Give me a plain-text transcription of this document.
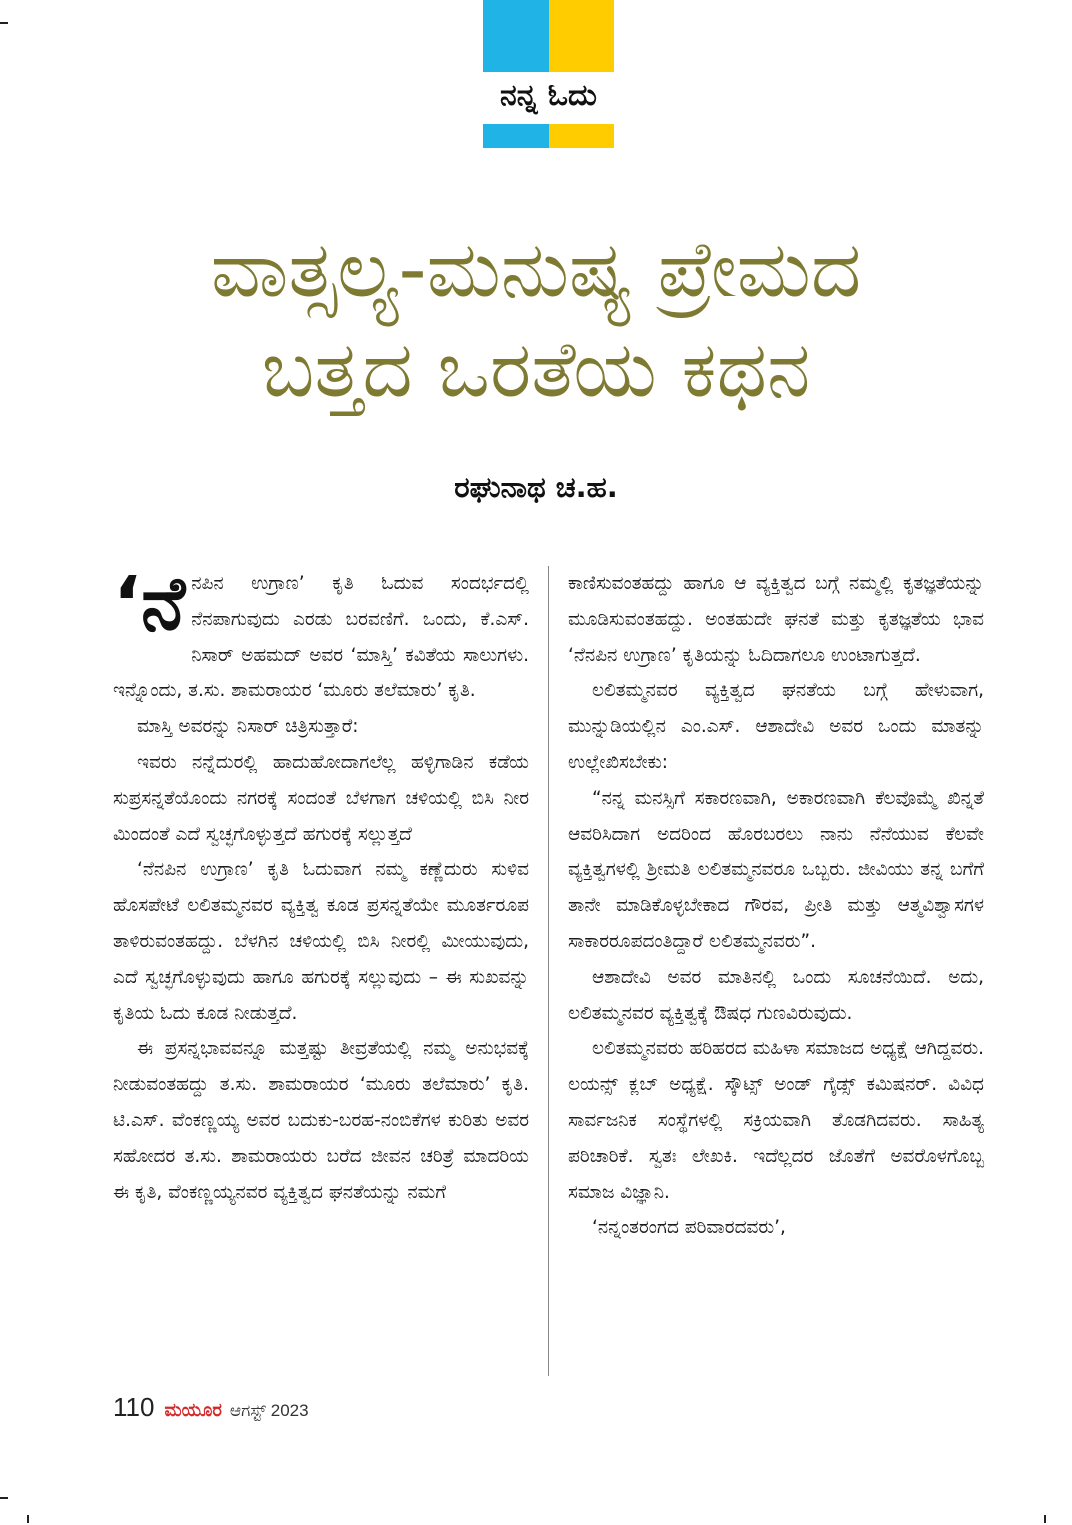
ನನ್ನ ಓದು
ವಾತ್ಸಲ್ಯ-ಮನುಷ್ಯ ಪ್ರೇಮದ
ಬತ್ತದ ಒರತೆಯ ಕಥನ
ರಘುನಾಥ ಚ.ಹ.

‘ನೆನಪಿನ ಉಗ್ರಾಣ’ ಕೃತಿ ಓದುವ ಸಂದರ್ಭದಲ್ಲಿ ನೆನಪಾಗುವುದು ಎರಡು ಬರವಣಿಗೆ. ಒಂದು, ಕೆ.ಎಸ್. ನಿಸಾರ್ ಅಹಮದ್ ಅವರ ‘ಮಾಸ್ತಿ’ ಕವಿತೆಯ ಸಾಲುಗಳು. ಇನ್ನೊಂದು, ತ.ಸು. ಶಾಮರಾಯರ ‘ಮೂರು ತಲೆಮಾರು’ ಕೃತಿ.

ಮಾಸ್ತಿ ಅವರನ್ನು ನಿಸಾರ್ ಚಿತ್ರಿಸುತ್ತಾರೆ:

ಇವರು ನನ್ನೆದುರಲ್ಲಿ ಹಾದುಹೋದಾಗಲೆಲ್ಲ ಹಳ್ಳಿಗಾಡಿನ ಕಡೆಯ ಸುಪ್ರಸನ್ನತೆಯೊಂದು ನಗರಕ್ಕೆ ಸಂದಂತೆ ಬೆಳಗಾಗ ಚಳಿಯಲ್ಲಿ ಬಿಸಿ ನೀರ ಮಿಂದಂತೆ ಎದೆ ಸ್ವಚ್ಛಗೊಳ್ಳುತ್ತದೆ ಹಗುರಕ್ಕೆ ಸಲ್ಲುತ್ತದೆ

‘ನೆನಪಿನ ಉಗ್ರಾಣ’ ಕೃತಿ ಓದುವಾಗ ನಮ್ಮ ಕಣ್ಣೆದುರು ಸುಳಿವ ಹೊಸಪೇಟೆ ಲಲಿತಮ್ಮನವರ ವ್ಯಕ್ತಿತ್ವ ಕೂಡ ಪ್ರಸನ್ನತೆಯೇ ಮೂರ್ತರೂಪ ತಾಳಿರುವಂತಹದ್ದು. ಬೆಳಗಿನ ಚಳಿಯಲ್ಲಿ ಬಿಸಿ ನೀರಲ್ಲಿ ಮೀಯುವುದು, ಎದೆ ಸ್ವಚ್ಛಗೊಳ್ಳುವುದು ಹಾಗೂ ಹಗುರಕ್ಕೆ ಸಲ್ಲುವುದು – ಈ ಸುಖವನ್ನು ಕೃತಿಯ ಓದು ಕೂಡ ನೀಡುತ್ತದೆ.

ಈ ಪ್ರಸನ್ನಭಾವವನ್ನೂ ಮತ್ತಷ್ಟು ತೀವ್ರತೆಯಲ್ಲಿ ನಮ್ಮ ಅನುಭವಕ್ಕೆ ನೀಡುವಂತಹದ್ದು ತ.ಸು. ಶಾಮರಾಯರ ‘ಮೂರು ತಲೆಮಾರು’ ಕೃತಿ. ಟಿ.ಎಸ್. ವೆಂಕಣ್ಣಯ್ಯ ಅವರ ಬದುಕು-ಬರಹ-ನಂಬಿಕೆಗಳ ಕುರಿತು ಅವರ ಸಹೋದರ ತ.ಸು. ಶಾಮರಾಯರು ಬರೆದ ಜೀವನ ಚರಿತ್ರೆ ಮಾದರಿಯ ಈ ಕೃತಿ, ವೆಂಕಣ್ಣಯ್ಯನವರ ವ್ಯಕ್ತಿತ್ವದ ಘನತೆಯನ್ನು ನಮಗೆ

ಕಾಣಿಸುವಂತಹದ್ದು ಹಾಗೂ ಆ ವ್ಯಕ್ತಿತ್ವದ ಬಗ್ಗೆ ನಮ್ಮಲ್ಲಿ ಕೃತಜ್ಞತೆಯನ್ನು ಮೂಡಿಸುವಂತಹದ್ದು. ಅಂತಹುದೇ ಘನತೆ ಮತ್ತು ಕೃತಜ್ಞತೆಯ ಭಾವ ‘ನೆನಪಿನ ಉಗ್ರಾಣ’ ಕೃತಿಯನ್ನು ಓದಿದಾಗಲೂ ಉಂಟಾಗುತ್ತದೆ.

ಲಲಿತಮ್ಮನವರ ವ್ಯಕ್ತಿತ್ವದ ಘನತೆಯ ಬಗ್ಗೆ ಹೇಳುವಾಗ, ಮುನ್ನುಡಿಯಲ್ಲಿನ ಎಂ.ಎಸ್. ಆಶಾದೇವಿ ಅವರ ಒಂದು ಮಾತನ್ನು ಉಲ್ಲೇಖಿಸಬೇಕು:

“ನನ್ನ ಮನಸ್ಸಿಗೆ ಸಕಾರಣವಾಗಿ, ಅಕಾರಣವಾಗಿ ಕೆಲವೊಮ್ಮೆ ಖಿನ್ನತೆ ಆವರಿಸಿದಾಗ ಅದರಿಂದ ಹೊರಬರಲು ನಾನು ನೆನೆಯುವ ಕೆಲವೇ ವ್ಯಕ್ತಿತ್ವಗಳಲ್ಲಿ ಶ್ರೀಮತಿ ಲಲಿತಮ್ಮನವರೂ ಒಬ್ಬರು. ಜೀವಿಯು ತನ್ನ ಬಗೆಗೆ ತಾನೇ ಮಾಡಿಕೊಳ್ಳಬೇಕಾದ ಗೌರವ, ಪ್ರೀತಿ ಮತ್ತು ಆತ್ಮವಿಶ್ವಾಸಗಳ ಸಾಕಾರರೂಪದಂತಿದ್ದಾರೆ ಲಲಿತಮ್ಮನವರು”.

ಆಶಾದೇವಿ ಅವರ ಮಾತಿನಲ್ಲಿ ಒಂದು ಸೂಚನೆಯಿದೆ. ಅದು, ಲಲಿತಮ್ಮನವರ ವ್ಯಕ್ತಿತ್ವಕ್ಕೆ ಔಷಧ ಗುಣವಿರುವುದು.

ಲಲಿತಮ್ಮನವರು ಹರಿಹರದ ಮಹಿಳಾ ಸಮಾಜದ ಅಧ್ಯಕ್ಷೆ ಆಗಿದ್ದವರು. ಲಯನ್ಸ್ ಕ್ಲಬ್ ಅಧ್ಯಕ್ಷೆ. ಸ್ಕೌಟ್ಸ್ ಅಂಡ್ ಗೈಡ್ಸ್ ಕಮಿಷನರ್. ವಿವಿಧ ಸಾರ್ವಜನಿಕ ಸಂಸ್ಥೆಗಳಲ್ಲಿ ಸಕ್ರಿಯವಾಗಿ ತೊಡಗಿದವರು. ಸಾಹಿತ್ಯ ಪರಿಚಾರಿಕೆ. ಸ್ವತಃ ಲೇಖಕಿ. ಇದೆಲ್ಲದರ ಜೊತೆಗೆ ಅವರೊಳಗೊಬ್ಬ ಸಮಾಜ ವಿಜ್ಞಾನಿ.

‘ನನ್ನಂತರಂಗದ ಪರಿವಾರದವರು’,

110 ಮಯೂರ ಆಗಸ್ಟ್ 2023
